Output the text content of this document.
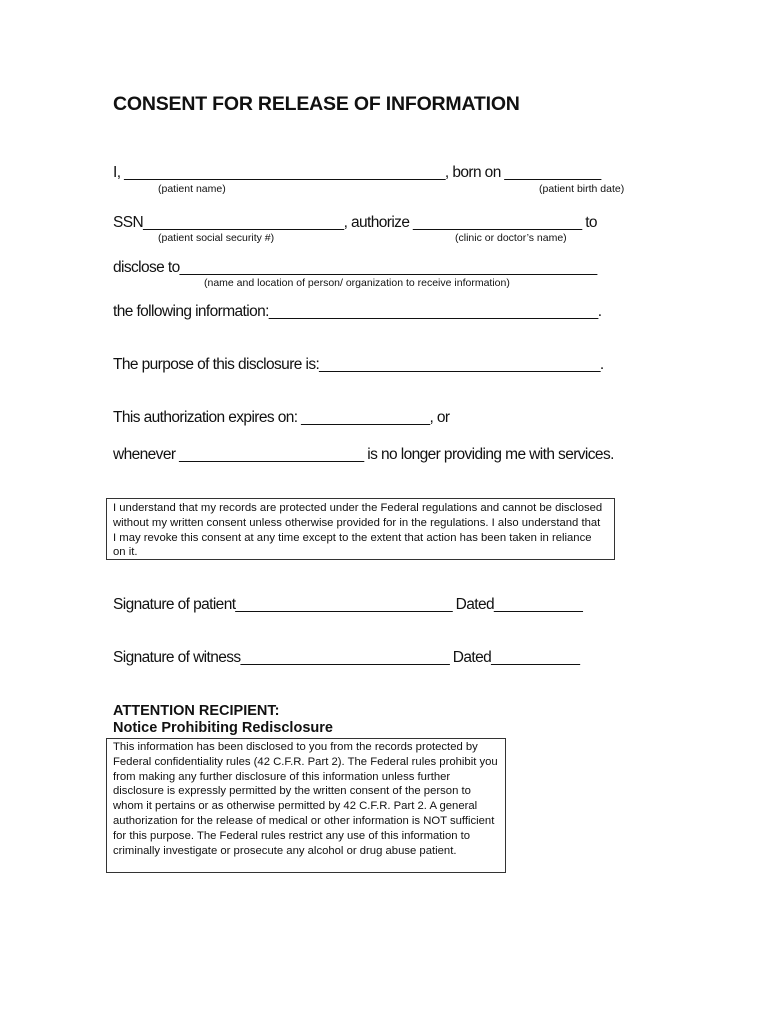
CONSENT FOR RELEASE OF INFORMATION
I, ________________________________________, born on ____________
(patient name)	(patient birth date)
SSN_________________________, authorize _____________________ to
(patient social security #)	(clinic or doctor’s name)
disclose to____________________________________________________
(name and location of person/ organization to receive information)
the following information:_________________________________________.
The purpose of this disclosure is:___________________________________.
This authorization expires on: ________________, or
whenever _______________________ is no longer providing me with services.
I understand that my records are protected under the Federal regulations and cannot be disclosed without my written consent unless otherwise provided for in the regulations. I also understand that I may revoke this consent at any time except to the extent that action has been taken in reliance on it.
Signature of patient___________________________ Dated___________
Signature of witness__________________________ Dated___________
ATTENTION RECIPIENT:
Notice Prohibiting Redisclosure
This information has been disclosed to you from the records protected by Federal confidentiality rules (42 C.F.R. Part 2). The Federal rules prohibit you from making any further disclosure of this information unless further disclosure is expressly permitted by the written consent of the person to whom it pertains or as otherwise permitted by 42 C.F.R. Part 2. A general authorization for the release of medical or other information is NOT sufficient for this purpose. The Federal rules restrict any use of this information to criminally investigate or prosecute any alcohol or drug abuse patient.
